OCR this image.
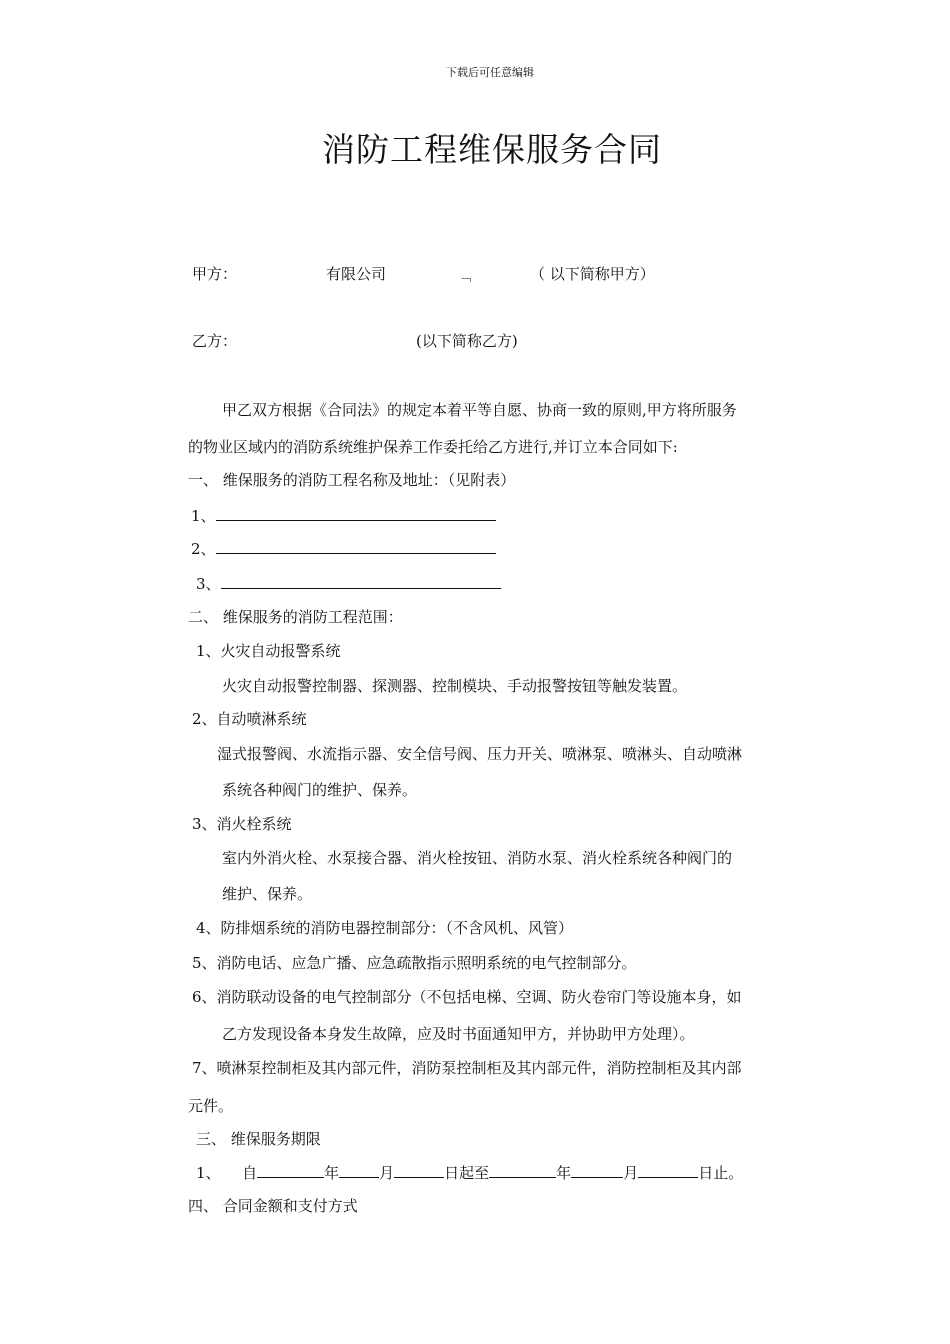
下载后可任意编辑
消防工程维保服务合同
甲方：	有限公司	﹁	（ 以下简称甲方）
乙方：	(以下简称乙方)
甲乙双方根据《合同法》的规定本着平等自愿、协商一致的原则,甲方将所服务
的物业区域内的消防系统维护保养工作委托给乙方进行,并订立本合同如下:
一、 维保服务的消防工程名称及地址：（见附表）
1、
2、
3、
二、 维保服务的消防工程范围：
1、火灾自动报警系统
火灾自动报警控制器、探测器、控制模块、手动报警按钮等触发装置。
2、自动喷淋系统
湿式报警阀、水流指示器、安全信号阀、压力开关、喷淋泵、喷淋头、自动喷淋
系统各种阀门的维护、保养。
3、消火栓系统
室内外消火栓、水泵接合器、消火栓按钮、消防水泵、消火栓系统各种阀门的
维护、保养。
4、防排烟系统的消防电器控制部分：（不含风机、风管）
5、消防电话、应急广播、应急疏散指示照明系统的电气控制部分。
6、消防联动设备的电气控制部分（不包括电梯、空调、防火卷帘门等设施本身，如
乙方发现设备本身发生故障，应及时书面通知甲方，并协助甲方处理）。
7、喷淋泵控制柜及其内部元件，消防泵控制柜及其内部元件，消防控制柜及其内部
元件。
三、 维保服务期限
1、 自	年	月	日起至	年	月	日止。
四、 合同金额和支付方式
